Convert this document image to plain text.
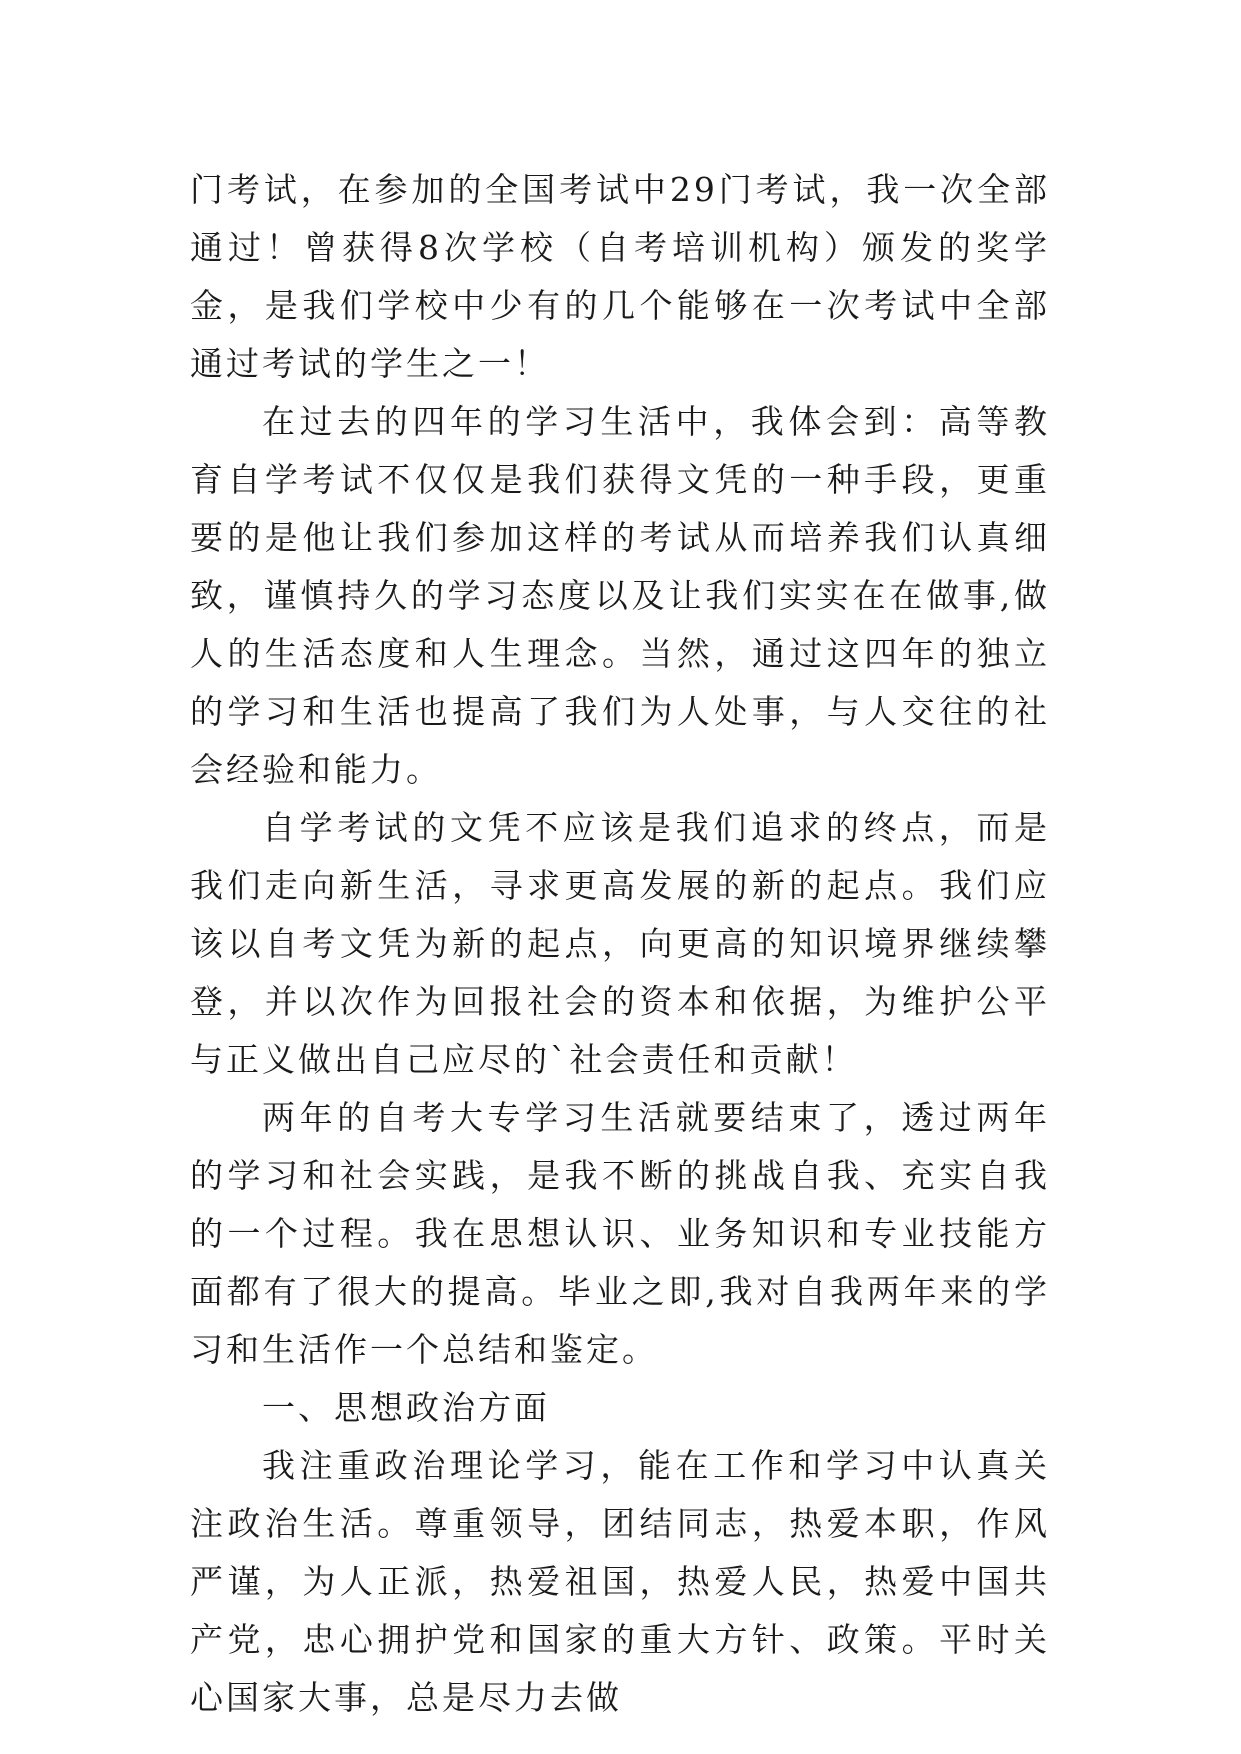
门考试，在参加的全国考试中29门考试，我一次全部通过！曾获得8次学校（自考培训机构）颁发的奖学金，是我们学校中少有的几个能够在一次考试中全部通过考试的学生之一！

在过去的四年的学习生活中，我体会到：高等教育自学考试不仅仅是我们获得文凭的一种手段，更重要的是他让我们参加这样的考试从而培养我们认真细致，谨慎持久的学习态度以及让我们实实在在做事,做人的生活态度和人生理念。当然，通过这四年的独立的学习和生活也提高了我们为人处事，与人交往的社会经验和能力。

自学考试的文凭不应该是我们追求的终点，而是我们走向新生活，寻求更高发展的新的起点。我们应该以自考文凭为新的起点，向更高的知识境界继续攀登，并以次作为回报社会的资本和依据，为维护公平与正义做出自己应尽的`社会责任和贡献！

两年的自考大专学习生活就要结束了，透过两年的学习和社会实践，是我不断的挑战自我、充实自我的一个过程。我在思想认识、业务知识和专业技能方面都有了很大的提高。毕业之即,我对自我两年来的学习和生活作一个总结和鉴定。

一、思想政治方面

我注重政治理论学习，能在工作和学习中认真关注政治生活。尊重领导，团结同志，热爱本职，作风严谨，为人正派，热爱祖国，热爱人民，热爱中国共产党，忠心拥护党和国家的重大方针、政策。平时关心国家大事，总是尽力去做
